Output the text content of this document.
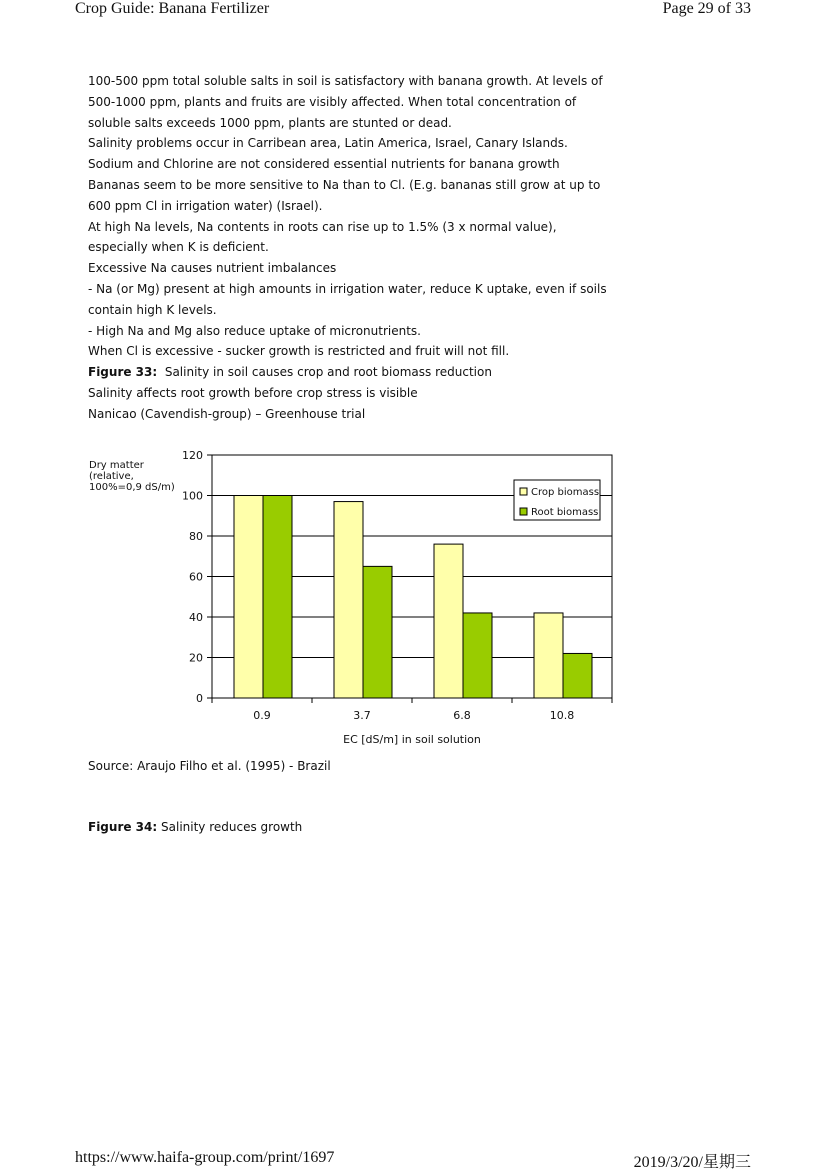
Crop Guide: Banana Fertilizer	Page 29 of 33

100-500 ppm total soluble salts in soil is satisfactory with banana growth. At levels of 500-1000 ppm, plants and fruits are visibly affected. When total concentration of soluble salts exceeds 1000 ppm, plants are stunted or dead.

Salinity problems occur in Carribean area, Latin America, Israel, Canary Islands.

Sodium and Chlorine are not considered essential nutrients for banana growth

Bananas seem to be more sensitive to Na than to Cl. (E.g. bananas still grow at up to 600 ppm Cl in irrigation water) (Israel).

At high Na levels, Na contents in roots can rise up to 1.5% (3 x normal value), especially when K is deficient.

Excessive Na causes nutrient imbalances

- Na (or Mg) present at high amounts in irrigation water, reduce K uptake, even if soils contain high K levels.

- High Na and Mg also reduce uptake of micronutrients.

When Cl is excessive - sucker growth is restricted and fruit will not fill.

Figure 33: Salinity in soil causes crop and root biomass reduction

Salinity affects root growth before crop stress is visible

Nanicao (Cavendish-group) – Greenhouse trial

0
20
40
60
80
100
120
0.9	3.7	6.8	10.8
Dry matter
(relative,
100%=0,9 dS/m)
EC [dS/m] in soil solution
Crop biomass
Root biomass
Source: Araujo Filho et al. (1995) - Brazil
Figure 34: Salinity reduces growth
https://www.haifa-group.com/print/1697	2019/3/20/星期三
